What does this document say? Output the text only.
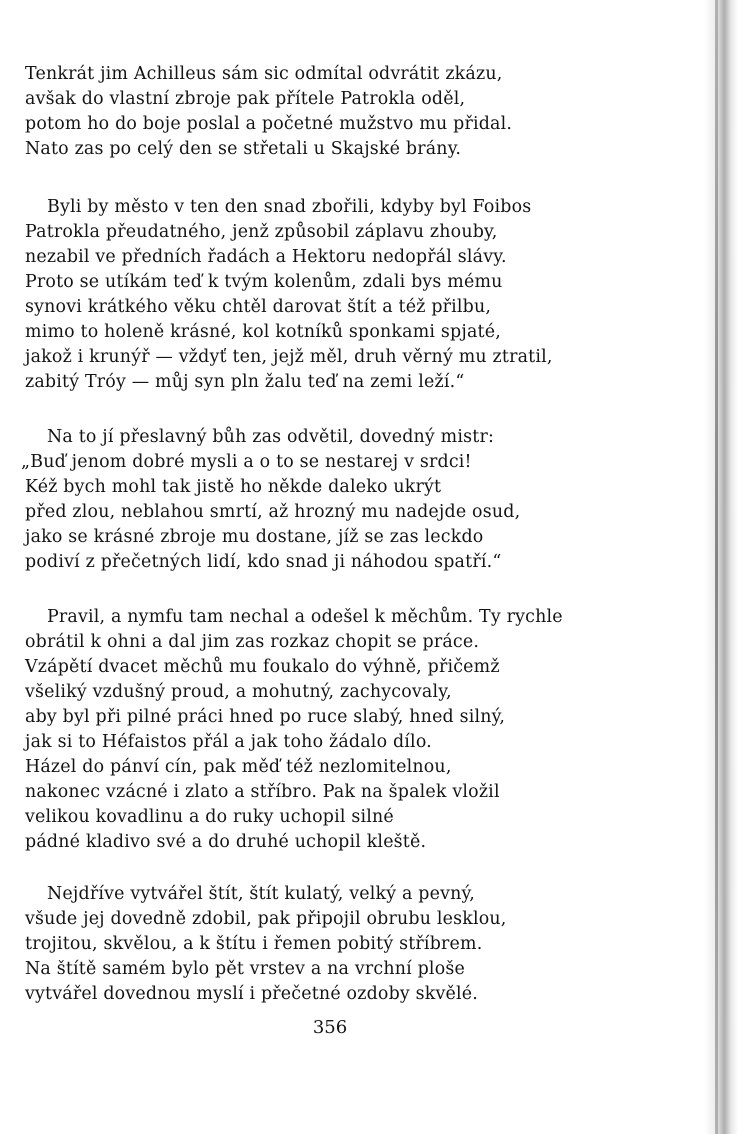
Tenkrát jim Achilleus sám sic odmítal odvrátit zkázu,
avšak do vlastní zbroje pak přítele Patrokla oděl,
potom ho do boje poslal a početné mužstvo mu přidal.
Nato zas po celý den se střetali u Skajské brány.
Byli by město v ten den snad zbořili, kdyby byl Foibos
Patrokla přeudatného, jenž způsobil záplavu zhouby,
nezabil ve předních řadách a Hektoru nedopřál slávy.
Proto se utíkám teď k tvým kolenům, zdali bys mému
synovi krátkého věku chtěl darovat štít a též přilbu,
mimo to holeně krásné, kol kotníků sponkami spjaté,
jakož i krunýř — vždyť ten, jejž měl, druh věrný mu ztratil,
zabitý Tróy — můj syn pln žalu teď na zemi leží.“
Na to jí přeslavný bůh zas odvětil, dovedný mistr:
„Buď jenom dobré mysli a o to se nestarej v srdci!
Kéž bych mohl tak jistě ho někde daleko ukrýt
před zlou, neblahou smrtí, až hrozný mu nadejde osud,
jako se krásné zbroje mu dostane, jíž se zas leckdo
podiví z přečetných lidí, kdo snad ji náhodou spatří.“
Pravil, a nymfu tam nechal a odešel k měchům. Ty rychle
obrátil k ohni a dal jim zas rozkaz chopit se práce.
Vzápětí dvacet měchů mu foukalo do výhně, přičemž
všeliký vzdušný proud, a mohutný, zachycovaly,
aby byl při pilné práci hned po ruce slabý, hned silný,
jak si to Héfaistos přál a jak toho žádalo dílo.
Házel do pánví cín, pak měď též nezlomitelnou,
nakonec vzácné i zlato a stříbro. Pak na špalek vložil
velikou kovadlinu a do ruky uchopil silné
pádné kladivo své a do druhé uchopil kleště.
Nejdříve vytvářel štít, štít kulatý, velký a pevný,
všude jej dovedně zdobil, pak připojil obrubu lesklou,
trojitou, skvělou, a k štítu i řemen pobitý stříbrem.
Na štítě samém bylo pět vrstev a na vrchní ploše
vytvářel dovednou myslí i přečetné ozdoby skvělé.
356
